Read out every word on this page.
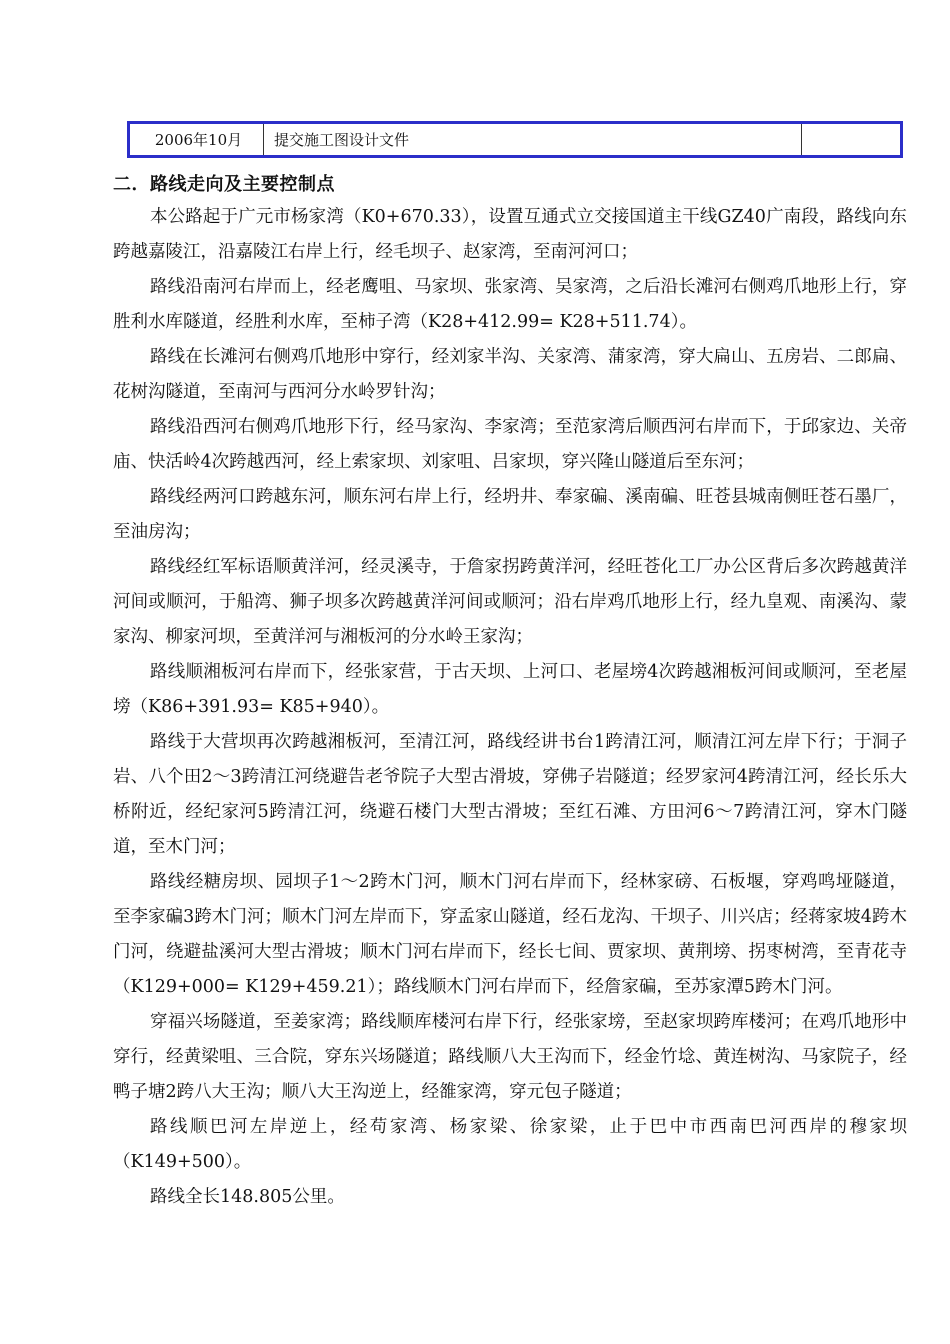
2006年10月	提交施工图设计文件
二．路线走向及主要控制点

本公路起于广元市杨家湾（K0+670.33），设置互通式立交接国道主干线GZ40广南段，路线向东跨越嘉陵江，沿嘉陵江右岸上行，经毛坝子、赵家湾，至南河河口；

路线沿南河右岸而上，经老鹰咀、马家坝、张家湾、吴家湾，之后沿长滩河右侧鸡爪地形上行，穿胜利水库隧道，经胜利水库，至柿子湾（K28+412.99= K28+511.74）。

路线在长滩河右侧鸡爪地形中穿行，经刘家半沟、关家湾、蒲家湾，穿大扁山、五房岩、二郎扁、花树沟隧道，至南河与西河分水岭罗针沟；

路线沿西河右侧鸡爪地形下行，经马家沟、李家湾；至范家湾后顺西河右岸而下，于邱家边、关帝庙、快活岭4次跨越西河，经上索家坝、刘家咀、吕家坝，穿兴隆山隧道后至东河；

路线经两河口跨越东河，顺东河右岸上行，经坍井、奉家碥、溪南碥、旺苍县城南侧旺苍石墨厂，至油房沟；

路线经红军标语顺黄洋河，经灵溪寺，于詹家拐跨黄洋河，经旺苍化工厂办公区背后多次跨越黄洋河间或顺河，于船湾、狮子坝多次跨越黄洋河间或顺河；沿右岸鸡爪地形上行，经九皇观、南溪沟、蒙家沟、柳家河坝，至黄洋河与湘板河的分水岭王家沟；

路线顺湘板河右岸而下，经张家营，于古天坝、上河口、老屋塝4次跨越湘板河间或顺河，至老屋塝（K86+391.93= K85+940）。

路线于大营坝再次跨越湘板河，至清江河，路线经讲书台1跨清江河，顺清江河左岸下行；于洞子岩、八个田2～3跨清江河绕避告老爷院子大型古滑坡，穿佛子岩隧道；经罗家河4跨清江河，经长乐大桥附近，经纪家河5跨清江河，绕避石楼门大型古滑坡；至红石滩、方田河6～7跨清江河，穿木门隧道，至木门河；

路线经糖房坝、园坝子1～2跨木门河，顺木门河右岸而下，经林家磅、石板堰，穿鸡鸣垭隧道，至李家碥3跨木门河；顺木门河左岸而下，穿孟家山隧道，经石龙沟、干坝子、川兴店；经蒋家坡4跨木门河，绕避盐溪河大型古滑坡；顺木门河右岸而下，经长七间、贾家坝、黄荆塝、拐枣树湾，至青花寺（K129+000= K129+459.21）；路线顺木门河右岸而下，经詹家碥，至苏家潭5跨木门河。

穿福兴场隧道，至姜家湾；路线顺库楼河右岸下行，经张家塝，至赵家坝跨库楼河；在鸡爪地形中穿行，经黄梁咀、三合院，穿东兴场隧道；路线顺八大王沟而下，经金竹埝、黄连树沟、马家院子，经鸭子塘2跨八大王沟；顺八大王沟逆上，经雒家湾，穿元包子隧道；

路线顺巴河左岸逆上，经苟家湾、杨家梁、徐家梁，止于巴中市西南巴河西岸的穆家坝（K149+500）。

路线全长148.805公里。
